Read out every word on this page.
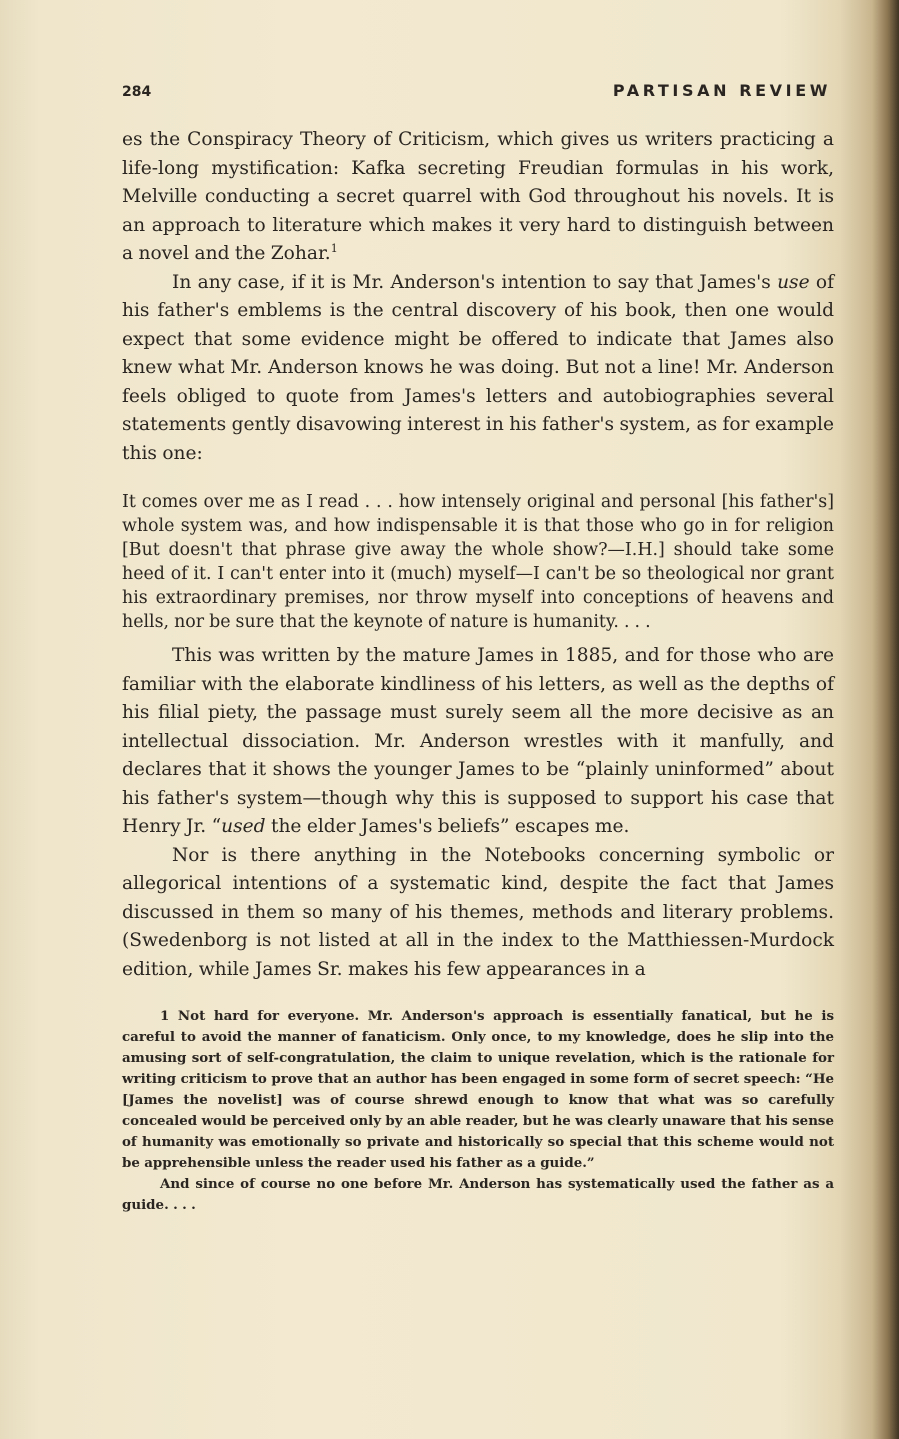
284	PARTISAN REVIEW

es the Conspiracy Theory of Criticism, which gives us writers practicing a life-long mystification: Kafka secreting Freudian formulas in his work, Melville conducting a secret quarrel with God throughout his novels. It is an approach to literature which makes it very hard to distinguish between a novel and the Zohar.$^1$

In any case, if it is Mr. Anderson's intention to say that James's use of his father's emblems is the central discovery of his book, then one would expect that some evidence might be offered to indicate that James also knew what Mr. Anderson knows he was doing. But not a line! Mr. Anderson feels obliged to quote from James's letters and autobiographies several statements gently disavowing interest in his father's system, as for example this one:

It comes over me as I read . . . how intensely original and personal [his father's] whole system was, and how indispensable it is that those who go in for religion [But doesn't that phrase give away the whole show?—I.H.] should take some heed of it. I can't enter into it (much) myself—I can't be so theological nor grant his extraordinary premises, nor throw myself into conceptions of heavens and hells, nor be sure that the keynote of nature is humanity. . . .

This was written by the mature James in 1885, and for those who are familiar with the elaborate kindliness of his letters, as well as the depths of his filial piety, the passage must surely seem all the more decisive as an intellectual dissociation. Mr. Anderson wrestles with it manfully, and declares that it shows the younger James to be “plainly uninformed” about his father's system—though why this is supposed to support his case that Henry Jr. “used the elder James's beliefs” escapes me.

Nor is there anything in the Notebooks concerning symbolic or allegorical intentions of a systematic kind, despite the fact that James discussed in them so many of his themes, methods and literary problems. (Swedenborg is not listed at all in the index to the Matthiessen-Murdock edition, while James Sr. makes his few appearances in a

1 Not hard for everyone. Mr. Anderson's approach is essentially fanatical, but he is careful to avoid the manner of fanaticism. Only once, to my knowledge, does he slip into the amusing sort of self-congratulation, the claim to unique revelation, which is the rationale for writing criticism to prove that an author has been engaged in some form of secret speech: “He [James the novelist] was of course shrewd enough to know that what was so carefully concealed would be perceived only by an able reader, but he was clearly unaware that his sense of humanity was emotionally so private and historically so special that this scheme would not be apprehensible unless the reader used his father as a guide.”

And since of course no one before Mr. Anderson has systematically used the father as a guide. . . .
